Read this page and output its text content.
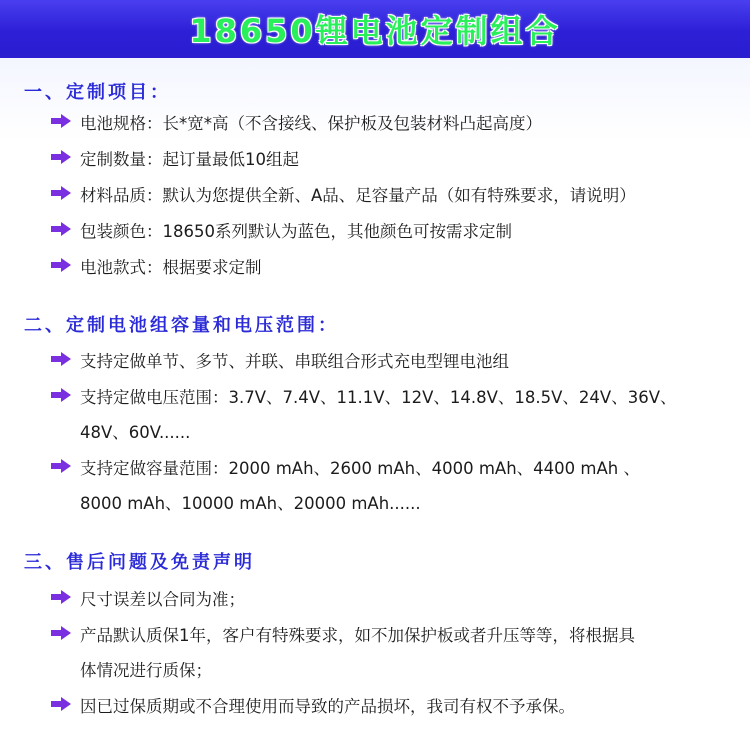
18650锂电池定制组合
一、定制项目：
电池规格：长*宽*高（不含接线、保护板及包装材料凸起高度）
定制数量：起订量最低10组起
材料品质：默认为您提供全新、A品、足容量产品（如有特殊要求，请说明）
包装颜色：18650系列默认为蓝色，其他颜色可按需求定制
电池款式：根据要求定制
二、定制电池组容量和电压范围：
支持定做单节、多节、并联、串联组合形式充电型锂电池组
支持定做电压范围：3.7V、7.4V、11.1V、12V、14.8V、18.5V、24V、36V、
48V、60V......
支持定做容量范围：2000 mAh、2600 mAh、4000 mAh、4400 mAh 、
8000 mAh、10000 mAh、20000 mAh......
三、售后问题及免责声明
尺寸误差以合同为准；
产品默认质保1年，客户有特殊要求，如不加保护板或者升压等等，将根据具
体情况进行质保；
因已过保质期或不合理使用而导致的产品损坏，我司有权不予承保。
